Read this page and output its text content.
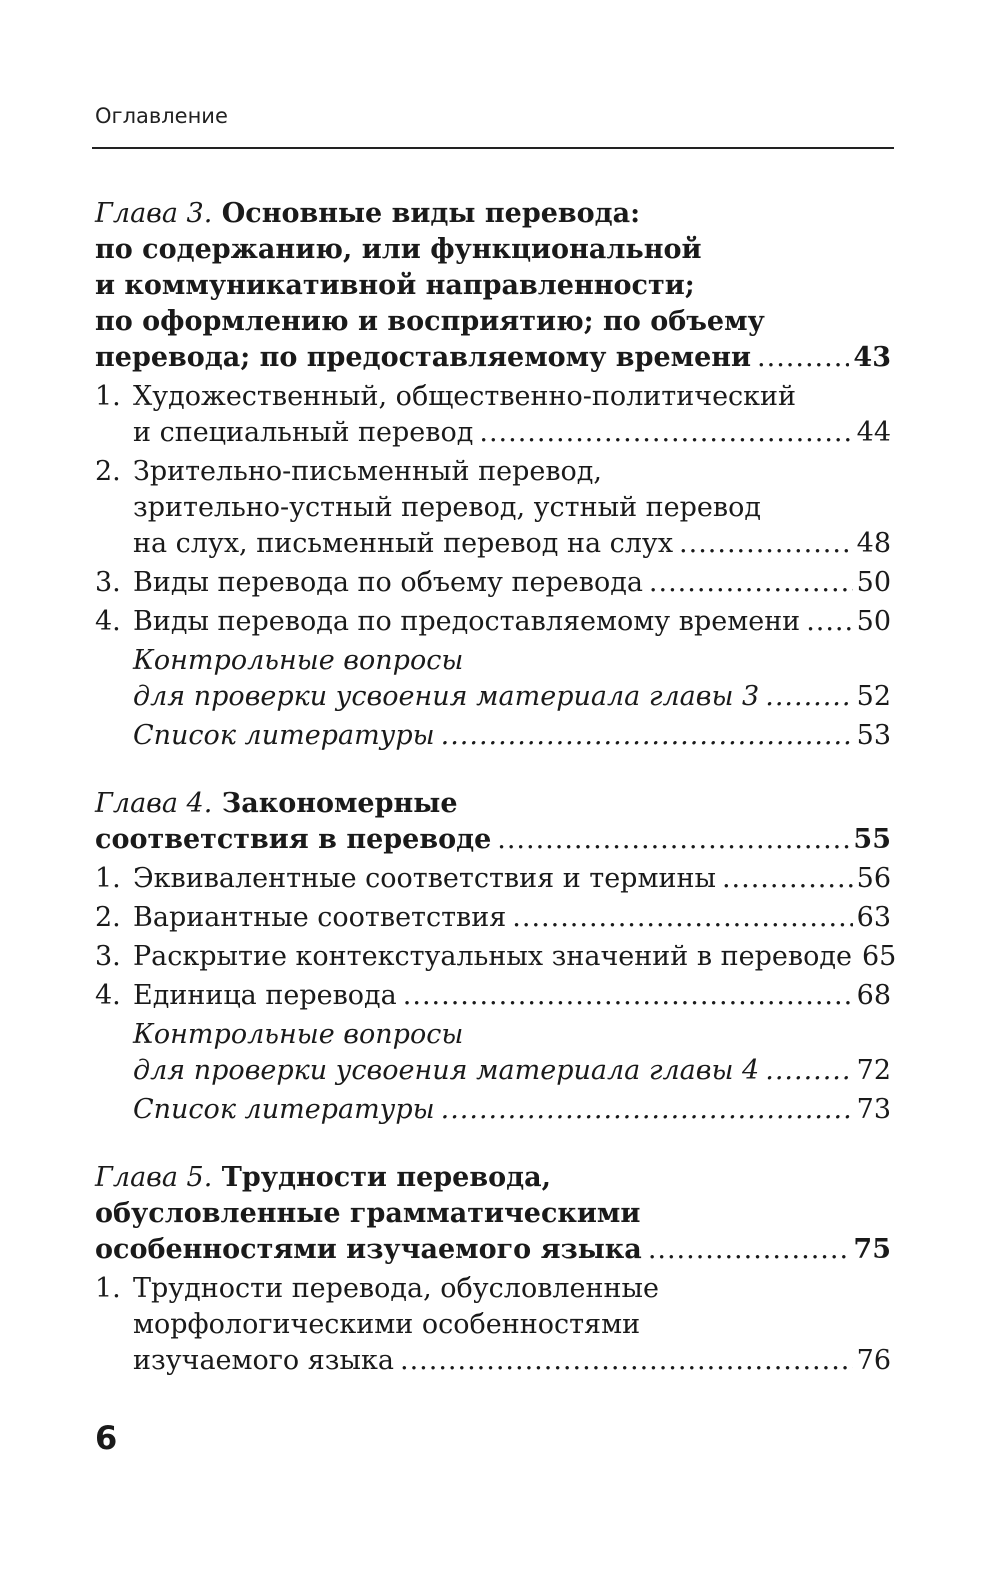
Оглавление
Глава 3. Основные виды перевода:
по содержанию, или функциональной
и коммуникативной направленности;
по оформлению и восприятию; по объему
перевода; по предоставляемому времени .....	43
1. Художественный, общественно-политический
и специальный перевод .....	44
2. Зрительно-письменный перевод,
зрительно-устный перевод, устный перевод
на слух, письменный перевод на слух .....	48
3. Виды перевода по объему перевода .....	50
4. Виды перевода по предоставляемому времени ..... 50
Контрольные вопросы
для проверки усвоения материала главы 3 .....	52
Список литературы .....	53
Глава 4. Закономерные
соответствия в переводе .....	55
1. Эквивалентные соответствия и термины .....	56
2. Вариантные соответствия .....	63
3. Раскрытие контекстуальных значений в переводе 65
4. Единица перевода .....	68
Контрольные вопросы
для проверки усвоения материала главы 4 .....	72
Список литературы .....	73
Глава 5. Трудности перевода,
обусловленные грамматическими
особенностями изучаемого языка .....	75
1. Трудности перевода, обусловленные
морфологическими особенностями
изучаемого языка .....	76
6
